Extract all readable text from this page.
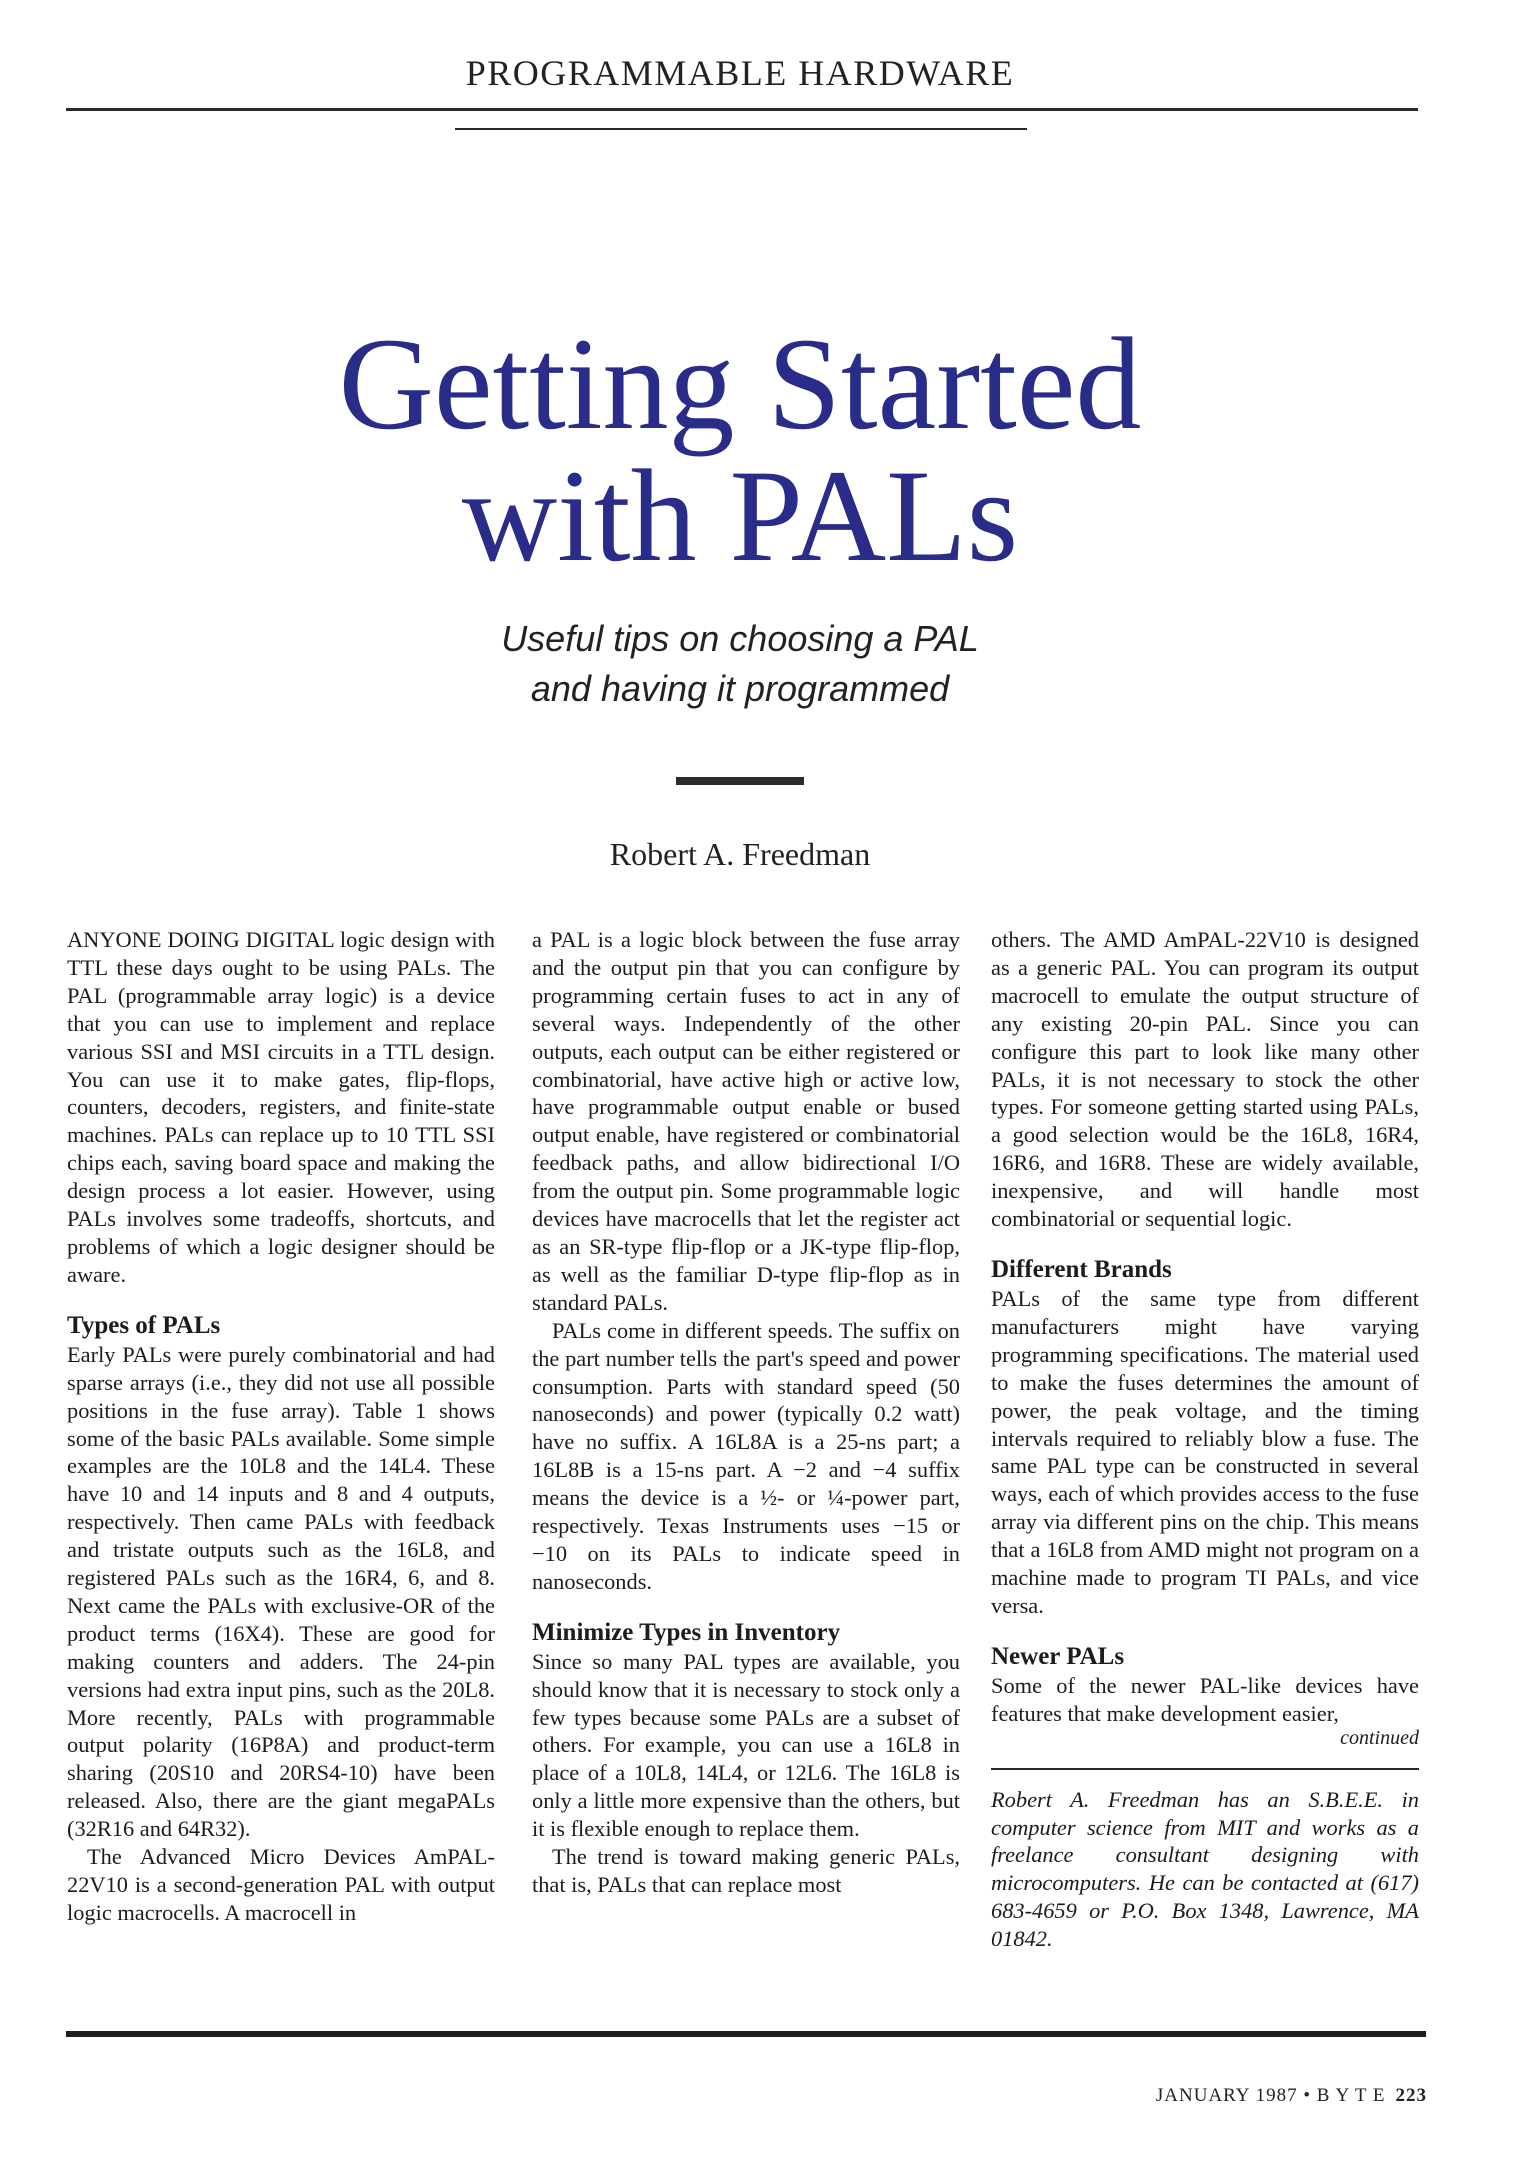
PROGRAMMABLE HARDWARE
Getting Started
with PALs
Useful tips on choosing a PAL
and having it programmed
Robert A. Freedman

ANYONE DOING DIGITAL logic design with TTL these days ought to be using PALs. The PAL (programmable array logic) is a device that you can use to implement and replace various SSI and MSI circuits in a TTL design. You can use it to make gates, flip-flops, counters, decoders, registers, and finite-state machines. PALs can replace up to 10 TTL SSI chips each, saving board space and making the design process a lot easier. However, using PALs involves some tradeoffs, shortcuts, and problems of which a logic designer should be aware.

Types of PALs

Early PALs were purely combinatorial and had sparse arrays (i.e., they did not use all possible positions in the fuse array). Table 1 shows some of the basic PALs available. Some simple examples are the 10L8 and the 14L4. These have 10 and 14 inputs and 8 and 4 outputs, respectively. Then came PALs with feedback and tristate outputs such as the 16L8, and registered PALs such as the 16R4, 6, and 8. Next came the PALs with exclusive-OR of the product terms (16X4). These are good for making counters and adders. The 24-pin versions had extra input pins, such as the 20L8. More recently, PALs with programmable output polarity (16P8A) and product-term sharing (20S10 and 20RS4-10) have been released. Also, there are the giant megaPALs (32R16 and 64R32).

The Advanced Micro Devices AmPAL-22V10 is a second-generation PAL with output logic macrocells. A macrocell in

a PAL is a logic block between the fuse array and the output pin that you can configure by programming certain fuses to act in any of several ways. Independently of the other outputs, each output can be either registered or combinatorial, have active high or active low, have programmable output enable or bused output enable, have registered or combinatorial feedback paths, and allow bidirectional I/O from the output pin. Some programmable logic devices have macrocells that let the register act as an SR-type flip-flop or a JK-type flip-flop, as well as the familiar D-type flip-flop as in standard PALs.

PALs come in different speeds. The suffix on the part number tells the part's speed and power consumption. Parts with standard speed (50 nanoseconds) and power (typically 0.2 watt) have no suffix. A 16L8A is a 25-ns part; a 16L8B is a 15-ns part. A −2 and −4 suffix means the device is a ½- or ¼-power part, respectively. Texas Instruments uses −15 or −10 on its PALs to indicate speed in nanoseconds.

Minimize Types in Inventory

Since so many PAL types are available, you should know that it is necessary to stock only a few types because some PALs are a subset of others. For example, you can use a 16L8 in place of a 10L8, 14L4, or 12L6. The 16L8 is only a little more expensive than the others, but it is flexible enough to replace them.

The trend is toward making generic PALs, that is, PALs that can replace most

others. The AMD AmPAL-22V10 is designed as a generic PAL. You can program its output macrocell to emulate the output structure of any existing 20-pin PAL. Since you can configure this part to look like many other PALs, it is not necessary to stock the other types. For someone getting started using PALs, a good selection would be the 16L8, 16R4, 16R6, and 16R8. These are widely available, inexpensive, and will handle most combinatorial or sequential logic.

Different Brands

PALs of the same type from different manufacturers might have varying programming specifications. The material used to make the fuses determines the amount of power, the peak voltage, and the timing intervals required to reliably blow a fuse. The same PAL type can be constructed in several ways, each of which provides access to the fuse array via different pins on the chip. This means that a 16L8 from AMD might not program on a machine made to program TI PALs, and vice versa.

Newer PALs

Some of the newer PAL-like devices have features that make development easier,

continued

Robert A. Freedman has an S.B.E.E. in computer science from MIT and works as a freelance consultant designing with microcomputers. He can be contacted at (617) 683-4659 or P.O. Box 1348, Lawrence, MA 01842.

JANUARY 1987 • B Y T E 223
